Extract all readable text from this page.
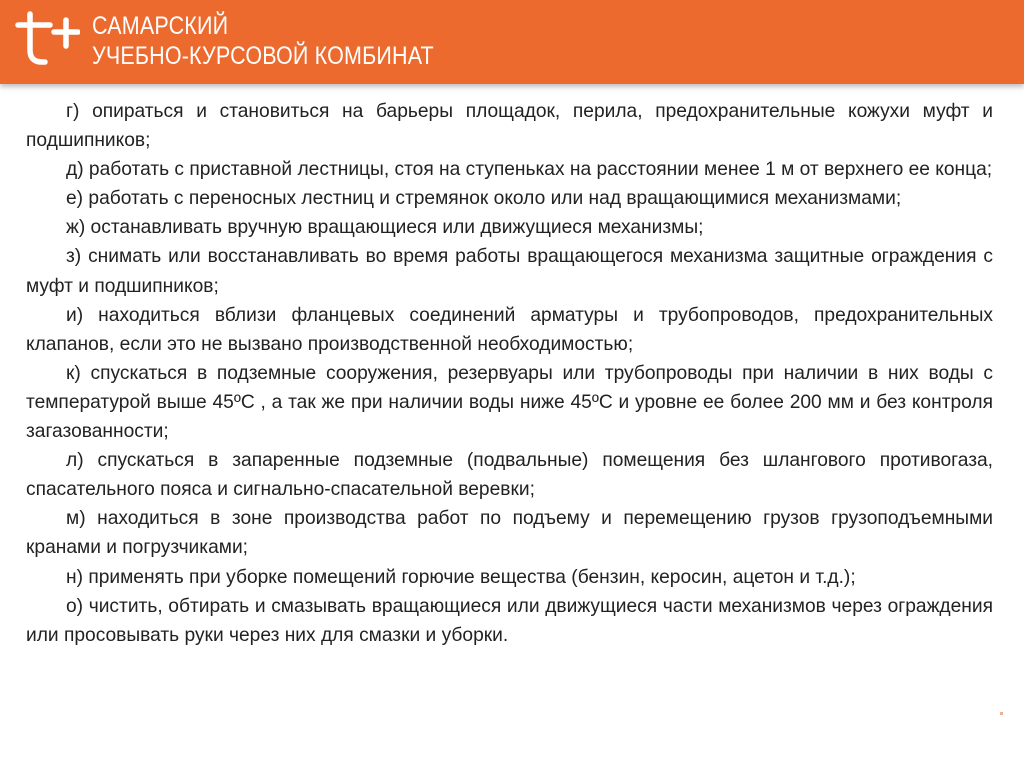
САМАРСКИЙ
УЧЕБНО-КУРСОВОЙ КОМБИНАТ

г) опираться и становиться на барьеры площадок, перила, предохранительные кожухи муфт и подшипников;

д) работать с приставной лестницы, стоя на ступеньках на расстоянии менее 1 м от верхнего ее конца;

е) работать с переносных лестниц и стремянок около или над вращающимися механизмами;

ж) останавливать вручную вращающиеся или движущиеся механизмы;

з) снимать или восстанавливать во время работы вращающегося механизма защитные ограждения с муфт и подшипников;

и) находиться вблизи фланцевых соединений арматуры и трубопроводов, предохранительных клапанов, если это не вызвано производственной необходимостью;

к) спускаться в подземные сооружения, резервуары или трубопроводы при наличии в них воды с температурой выше 45ºС , а так же при наличии воды ниже 45ºС и уровне ее более 200 мм и без контроля загазованности;

л) спускаться в запаренные подземные (подвальные) помещения без шлангового противогаза, спасательного пояса и сигнально-спасательной веревки;

м) находиться в зоне производства работ по подъему и перемещению грузов грузоподъемными кранами и погрузчиками;

н) применять при уборке помещений горючие вещества (бензин, керосин, ацетон и т.д.);

о) чистить, обтирать и смазывать вращающиеся или движущиеся части механизмов через ограждения или просовывать руки через них для смазки и уборки.
